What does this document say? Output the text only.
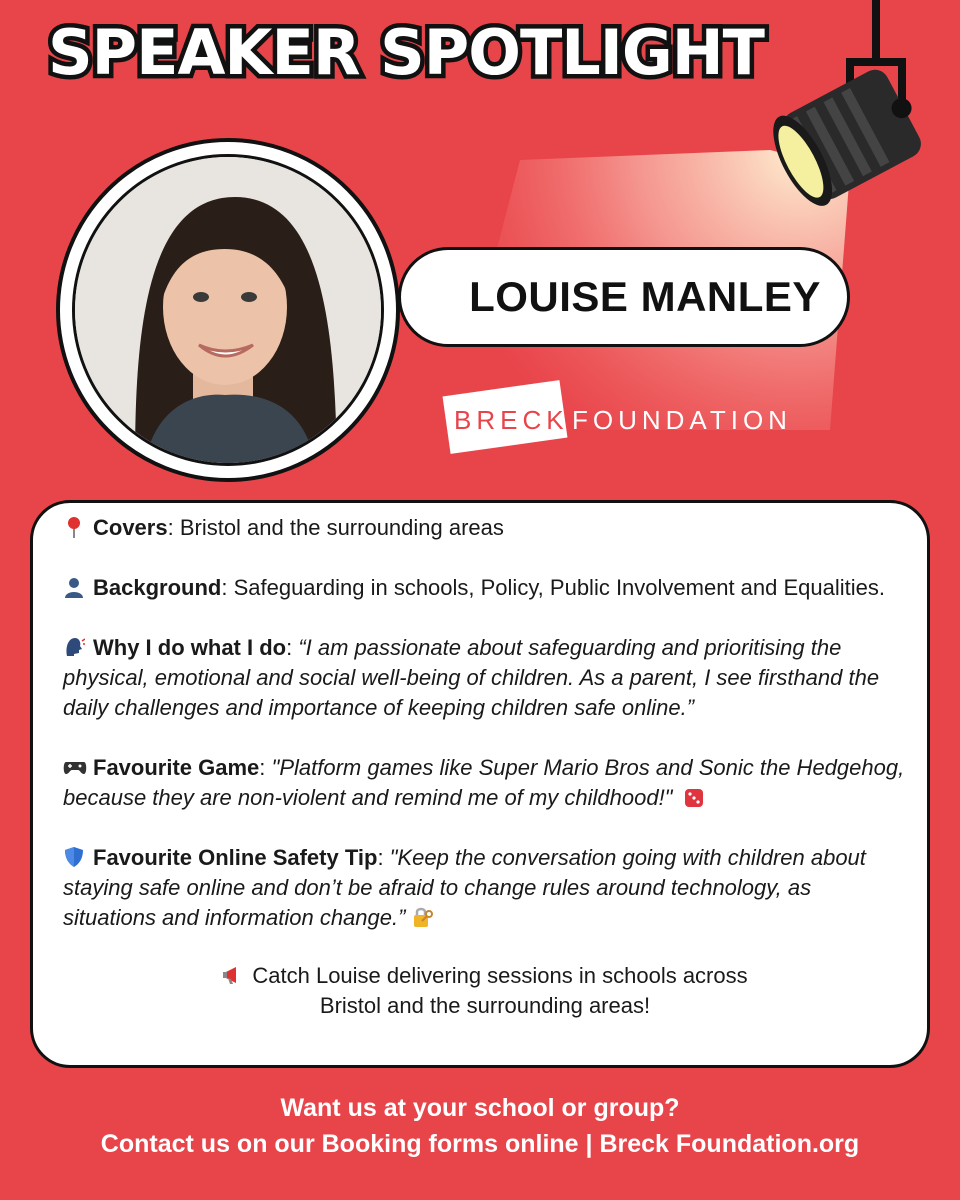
SPEAKER SPOTLIGHT
LOUISE MANLEY
BRECK FOUNDATION
Covers: Bristol and the surrounding areas
Background: Safeguarding in schools, Policy, Public Involvement and Equalities.
Why I do what I do: “I am passionate about safeguarding and prioritising the physical, emotional and social well-being of children. As a parent, I see firsthand the daily challenges and importance of keeping children safe online.”
Favourite Game: "Platform games like Super Mario Bros and Sonic the Hedgehog, because they are non-violent and remind me of my childhood!"
Favourite Online Safety Tip: "Keep the conversation going with children about staying safe online and don’t be afraid to change rules around technology, as situations and information change.”
Catch Louise delivering sessions in schools across
Bristol and the surrounding areas!
Want us at your school or group?
Contact us on our Booking forms online | Breck Foundation.org
